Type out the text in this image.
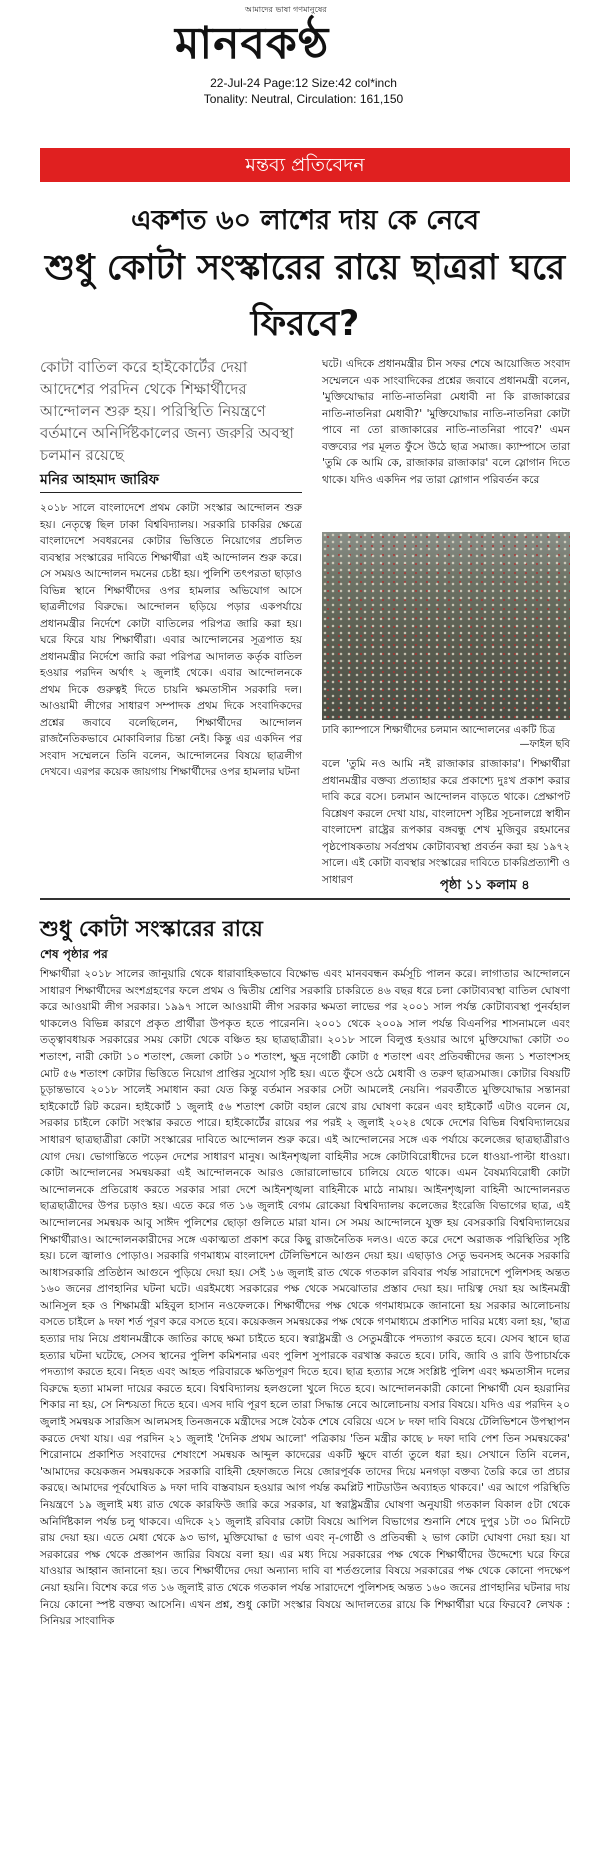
আমাদের ভাষা গণমানুষের
মানবকণ্ঠ
22-Jul-24 Page:12 Size:42 col*inch
Tonality: Neutral, Circulation: 161,150
মন্তব্য প্রতিবেদন
একশত ৬০ লাশের দায় কে নেবে
শুধু কোটা সংস্কারের রায়ে ছাত্ররা ঘরে ফিরবে?
কোটা বাতিল করে হাইকোর্টের দেয়া আদেশের পরদিন থেকে শিক্ষার্থীদের আন্দোলন শুরু হয়। পরিস্থিতি নিয়ন্ত্রণে বর্তমানে অনির্দিষ্টকালের জন্য জরুরি অবস্থা চলমান রয়েছে
মনির আহমাদ জারিফ
২০১৮ সালে বাংলাদেশে প্রথম কোটা সংস্কার আন্দোলন শুরু হয়। নেতৃত্বে ছিল ঢাকা বিশ্ববিদ্যালয়। সরকারি চাকরির ক্ষেত্রে বাংলাদেশে সবধরনের কোটার ভিত্তিতে নিয়োগের প্রচলিত ব্যবস্থার সংস্কারের দাবিতে শিক্ষার্থীরা এই আন্দোলন শুরু করে। সে সময়ও আন্দোলন দমনের চেষ্টা হয়। পুলিশি তৎপরতা ছাড়াও বিভিন্ন স্থানে শিক্ষার্থীদের ওপর হামলার অভিযোগ আসে ছাত্রলীগের বিরুদ্ধে। আন্দোলন ছড়িয়ে পড়ার একপর্যায়ে প্রধানমন্ত্রীর নির্দেশে কোটা বাতিলের পরিপত্র জারি করা হয়। ঘরে ফিরে যায় শিক্ষার্থীরা। এবার আন্দোলনের সূত্রপাত হয় প্রধানমন্ত্রীর নির্দেশে জারি করা পরিপত্র আদালত কর্তৃক বাতিল হওয়ার পরদিন অর্থাৎ ২ জুলাই থেকে। এবার আন্দোলনকে প্রথম দিকে গুরুত্বই দিতে চায়নি ক্ষমতাসীন সরকারি দল। আওয়ামী লীগের সাধারণ সম্পাদক প্রথম দিকে সংবাদিকদের প্রশ্নের জবাবে বলেছিলেন, শিক্ষার্থীদের আন্দোলন রাজনৈতিকভাবে মোকাবিলার চিন্তা নেই। কিন্তু এর একদিন পর সংবাদ সম্মেলনে তিনি বলেন, আন্দোলনের বিষয়ে ছাত্রলীগ দেখবে। এরপর কয়েক জায়গায় শিক্ষার্থীদের ওপর হামলার ঘটনা
ঘটে। এদিকে প্রধানমন্ত্রীর চীন সফর শেষে আয়োজিত সংবাদ সম্মেলনে এক সাংবাদিকের প্রশ্নের জবাবে প্রধানমন্ত্রী বলেন, 'মুক্তিযোদ্ধার নাতি-নাতনিরা মেধাবী না কি রাজাকারের নাতি-নাতনিরা মেধাবী?' 'মুক্তিযোদ্ধার নাতি-নাতনিরা কোটা পাবে না তো রাজাকারের নাতি-নাতনিরা পাবে?' এমন বক্তব্যের পর মূলত ফুঁসে উঠে ছাত্র সমাজ। ক্যাম্পাসে তারা 'তুমি কে আমি কে, রাজাকার রাজাকার' বলে স্লোগান দিতে থাকে। যদিও একদিন পর তারা স্লোগান পরিবর্তন করে
ঢাবি ক্যাম্পাসে শিক্ষার্থীদের চলমান আন্দোলনের একটি চিত্র
—ফাইল ছবি
বলে 'তুমি নও আমি নই রাজাকার রাজাকার'। শিক্ষার্থীরা প্রধানমন্ত্রীর বক্তব্য প্রত্যাহার করে প্রকাশ্যে দুঃখ প্রকাশ করার দাবি করে বসে। চলমান আন্দোলন বাড়তে থাকে। প্রেক্ষাপট বিশ্লেষণ করলে দেখা যায়, বাংলাদেশ সৃষ্টির সূচনালগ্নে স্বাধীন বাংলাদেশ রাষ্ট্রের রূপকার বঙ্গবন্ধু শেখ মুজিবুর রহমানের পৃষ্ঠপোষকতায় সর্বপ্রথম কোটাব্যবস্থা প্রবর্তন করা হয় ১৯৭২ সালে। এই কোটা ব্যবস্থার সংস্কারের দাবিতে চাকরিপ্রত্যাশী ও সাধারণ	পৃষ্ঠা ১১ কলাম ৪
শুধু কোটা সংস্কারের রায়ে
শেষ পৃষ্ঠার পর
শিক্ষার্থীরা ২০১৮ সালের জানুয়ারি থেকে ধারাবাহিকভাবে বিক্ষোভ এবং মানববন্ধন কর্মসূচি পালন করে। লাগাতার আন্দোলনে সাধারণ শিক্ষার্থীদের অংশগ্রহণের ফলে প্রথম ও দ্বিতীয় শ্রেণির সরকারি চাকরিতে ৪৬ বছর ধরে চলা কোটাব্যবস্থা বাতিল ঘোষণা করে আওয়ামী লীগ সরকার। ১৯৯৭ সালে আওয়ামী লীগ সরকার ক্ষমতা লাভের পর ২০০১ সাল পর্যন্ত কোটাব্যবস্থা পুনর্বহাল থাকলেও বিভিন্ন কারণে প্রকৃত প্রার্থীরা উপকৃত হতে পারেননি। ২০০১ থেকে ২০০৯ সাল পর্যন্ত বিএনপির শাসনামলে এবং তত্ত্বাবধায়ক সরকারের সময় কোটা থেকে বঞ্চিত হয় ছাত্রছাত্রীরা। ২০১৮ সালে বিলুপ্ত হওয়ার আগে মুক্তিযোদ্ধা কোটা ৩০ শতাংশ, নারী কোটা ১০ শতাংশ, জেলা কোটা ১০ শতাংশ, ক্ষুদ্র নৃগোষ্ঠী কোটা ৫ শতাংশ এবং প্রতিবন্ধীদের জন্য ১ শতাংশসহ মোট ৫৬ শতাংশ কোটার ভিত্তিতে নিয়োগ প্রাপ্তির সুযোগ সৃষ্টি হয়। এতে ফুঁসে ওঠে মেধাবী ও তরুণ ছাত্রসমাজ। কোটার বিষয়টি চূড়ান্তভাবে ২০১৮ সালেই সমাধান করা যেত কিন্তু বর্তমান সরকার সেটা আমলেই নেয়নি। পরবর্তীতে মুক্তিযোদ্ধার সন্তানরা হাইকোর্টে রিট করেন। হাইকোর্ট ১ জুলাই ৫৬ শতাংশ কোটা বহাল রেখে রায় ঘোষণা করেন এবং হাইকোর্ট এটাও বলেন যে, সরকার চাইলে কোটা সংস্কার করতে পারে। হাইকোর্টের রায়ের পর পরই ২ জুলাই ২০২৪ থেকে দেশের বিভিন্ন বিশ্ববিদ্যালয়ের সাধারণ ছাত্রছাত্রীরা কোটা সংস্কারের দাবিতে আন্দোলন শুরু করে। এই আন্দোলনের সঙ্গে এক পর্যায়ে কলেজের ছাত্রছাত্রীরাও যোগ দেয়। ভোগান্তিতে পড়েন দেশের সাধারণ মানুষ। আইনশৃঙ্খলা বাহিনীর সঙ্গে কোটাবিরোধীদের চলে ধাওয়া-পাল্টা ধাওয়া। কোটা আন্দোলনের সমন্বয়করা এই আন্দোলনকে আরও জোরালোভাবে চালিয়ে যেতে থাকে। এমন বৈষম্যবিরোধী কোটা আন্দোলনকে প্রতিরোধ করতে সরকার সারা দেশে আইনশৃঙ্খলা বাহিনীকে মাঠে নামায়। আইনশৃঙ্খলা বাহিনী আন্দোলনরত ছাত্রছাত্রীদের উপর চড়াও হয়। এতে করে গত ১৬ জুলাই বেগম রোকেয়া বিশ্ববিদ্যালয় কলেজের ইংরেজি বিভাগের ছাত্র, এই আন্দোলনের সমন্বয়ক আবু সাঈদ পুলিশের ছোড়া গুলিতে মারা যান। সে সময় আন্দোলনে যুক্ত হয় বেসরকারি বিশ্ববিদ্যালয়ের শিক্ষার্থীরাও। আন্দোলনকারীদের সঙ্গে একাত্মতা প্রকাশ করে কিছু রাজনৈতিক দলও। এতে করে দেশে অরাজক পরিস্থিতির সৃষ্টি হয়। চলে জ্বালাও পোড়াও। সরকারি গণমাধ্যম বাংলাদেশ টেলিভিশনে আগুন দেয়া হয়। এছাড়াও সেতু ভবনসহ অনেক সরকারি আধাসরকারি প্রতিষ্ঠান আগুনে পুড়িয়ে দেয়া হয়। সেই ১৬ জুলাই রাত থেকে গতকাল রবিবার পর্যন্ত সারাদেশে পুলিশসহ অন্তত ১৬০ জনের প্রাণহানির ঘটনা ঘটে। এরইমধ্যে সরকারের পক্ষ থেকে সমঝোতার প্রস্তাব দেয়া হয়। দায়িত্ব দেয়া হয় আইনমন্ত্রী আনিসুল হক ও শিক্ষামন্ত্রী মহিবুল হাসান নওফেলকে। শিক্ষার্থীদের পক্ষ থেকে গণমাধ্যমকে জানানো হয় সরকার আলোচনায় বসতে চাইলে ৯ দফা শর্ত পূরণ করে বসতে হবে। কয়েকজন সমন্বয়কের পক্ষ থেকে গণমাধ্যমে প্রকাশিত দাবির মধ্যে বলা হয়, 'ছাত্র হত্যার দায় নিয়ে প্রধানমন্ত্রীকে জাতির কাছে ক্ষমা চাইতে হবে। স্বরাষ্ট্রমন্ত্রী ও সেতুমন্ত্রীকে পদত্যাগ করতে হবে। যেসব স্থানে ছাত্র হত্যার ঘটনা ঘটেছে, সেসব স্থানের পুলিশ কমিশনার এবং পুলিশ সুপারকে বরখাস্ত করতে হবে। ঢাবি, জাবি ও রাবি উপাচার্যকে পদত্যাগ করতে হবে। নিহত এবং আহত পরিবারকে ক্ষতিপূরণ দিতে হবে। ছাত্র হত্যার সঙ্গে সংশ্লিষ্ট পুলিশ এবং ক্ষমতাসীন দলের বিরুদ্ধে হত্যা মামলা দায়ের করতে হবে। বিশ্ববিদ্যালয় হলগুলো খুলে দিতে হবে। আন্দোলনকারী কোনো শিক্ষার্থী যেন হয়রানির শিকার না হয়, সে নিশ্চয়তা দিতে হবে। এসব দাবি পূরণ হলে তারা সিদ্ধান্ত নেবে আলোচনায় বসার বিষয়ে। যদিও এর পরদিন ২০ জুলাই সমন্বয়ক সারজিস আলমসহ তিনজনকে মন্ত্রীদের সঙ্গে বৈঠক শেষে বেরিয়ে এসে ৮ দফা দাবি বিষয়ে টেলিভিশনে উপস্থাপন করতে দেখা যায়। এর পরদিন ২১ জুলাই 'দৈনিক প্রথম আলো' পত্রিকায় 'তিন মন্ত্রীর কাছে ৮ দফা দাবি পেশ তিন সমন্বয়কের' শিরোনামে প্রকাশিত সংবাদের শেষাংশে সমন্বয়ক আব্দুল কাদেরের একটি ক্ষুদে বার্তা তুলে ধরা হয়। সেখানে তিনি বলেন, 'আমাদের কয়েকজন সমন্বয়ককে সরকারি বাহিনী হেফাজতে নিয়ে জোরপূর্বক তাদের দিয়ে মনগড়া বক্তব্য তৈরি করে তা প্রচার করছে। আমাদের পূর্বঘোষিত ৯ দফা দাবি বাস্তবায়ন হওয়ার আগ পর্যন্ত কমপ্লিট শাটডাউন অব্যাহত থাকবে।' এর আগে পরিস্থিতি নিয়ন্ত্রণে ১৯ জুলাই মধ্য রাত থেকে কারফিউ জারি করে সরকার, যা স্বরাষ্ট্রমন্ত্রীর ঘোষণা অনুযায়ী গতকাল বিকাল ৫টা থেকে অনির্দিষ্টকাল পর্যন্ত চলু থাকবে। এদিকে ২১ জুলাই রবিবার কোটা বিষয়ে আপিল বিভাগের শুনানি শেষে দুপুর ১টা ৩০ মিনিটে রায় দেয়া হয়। এতে মেধা থেকে ৯৩ ভাগ, মুক্তিযোদ্ধা ৫ ভাগ এবং নৃ-গোষ্ঠী ও প্রতিবন্ধী ২ ভাগ কোটা ঘোষণা দেয়া হয়। যা সরকারের পক্ষ থেকে প্রজ্ঞাপন জারির বিষয়ে বলা হয়। এর মধ্য দিয়ে সরকারের পক্ষ থেকে শিক্ষার্থীদের উদ্দেশ্যে ঘরে ফিরে যাওয়ার আহ্বান জানানো হয়। তবে শিক্ষার্থীদের দেয়া অন্যান্য দাবি বা শর্তগুলোর বিষয়ে সরকারের পক্ষ থেকে কোনো পদক্ষেপ নেয়া হয়নি। বিশেষ করে গত ১৬ জুলাই রাত থেকে গতকাল পর্যন্ত সারাদেশে পুলিশসহ অন্তত ১৬০ জনের প্রাণহানির ঘটনার দায় নিয়ে কোনো স্পষ্ট বক্তব্য আসেনি। এখন প্রশ্ন, শুধু কোটা সংস্কার বিষয়ে আদালতের রায়ে কি শিক্ষার্থীরা ঘরে ফিরবে? লেখক : সিনিয়র সাংবাদিক
